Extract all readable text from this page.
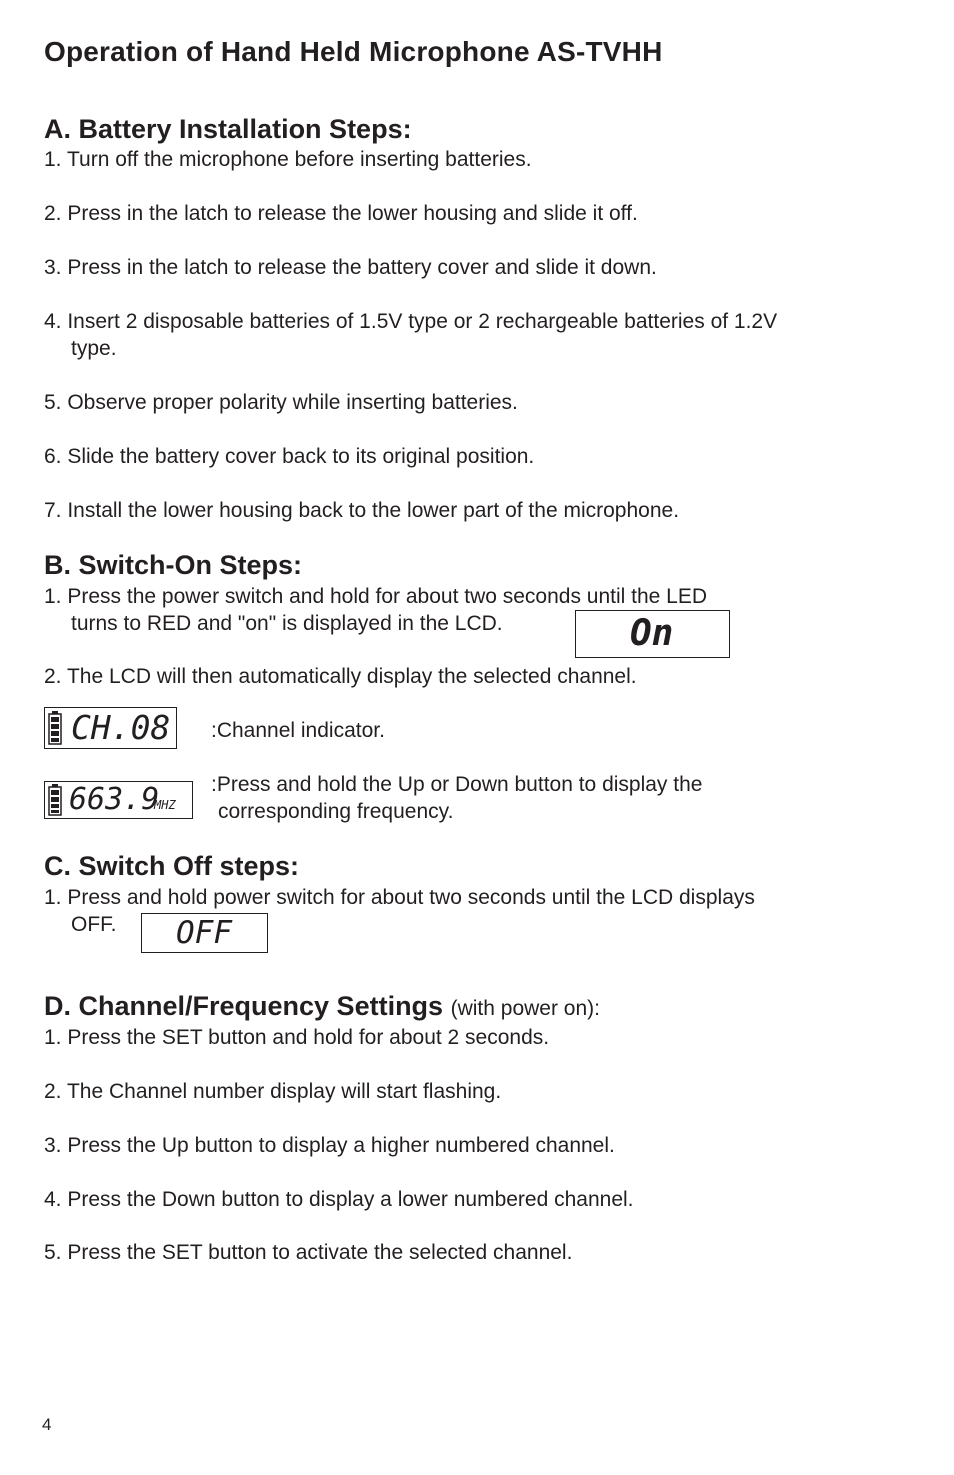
Operation of Hand Held Microphone AS-TVHH
A. Battery Installation Steps:

1. Turn off the microphone before inserting batteries.

2. Press in the latch to release the lower housing and slide it off.

3. Press in the latch to release the battery cover and slide it down.

4. Insert 2 disposable batteries of 1.5V type or 2 rechargeable batteries of 1.2V

type.

5. Observe proper polarity while inserting batteries.

6. Slide the battery cover back to its original position.

7. Install the lower housing back to the lower part of the microphone.

B. Switch-On Steps:

1. Press the power switch and hold for about two seconds until the LED

turns to RED and "on" is displayed in the LCD.	On

2. The LCD will then automatically display the selected channel.

CH.08 :Channel indicator.

663.9
MHZ

:Press and hold the Up or Down button to display the

corresponding frequency.

C. Switch Off steps:

1. Press and hold power switch for about two seconds until the LCD displays

OFF. OFF
D. Channel/Frequency Settings (with power on):

1. Press the SET button and hold for about 2 seconds.

2. The Channel number display will start flashing.

3. Press the Up button to display a higher numbered channel.

4. Press the Down button to display a lower numbered channel.

5. Press the SET button to activate the selected channel.

4
